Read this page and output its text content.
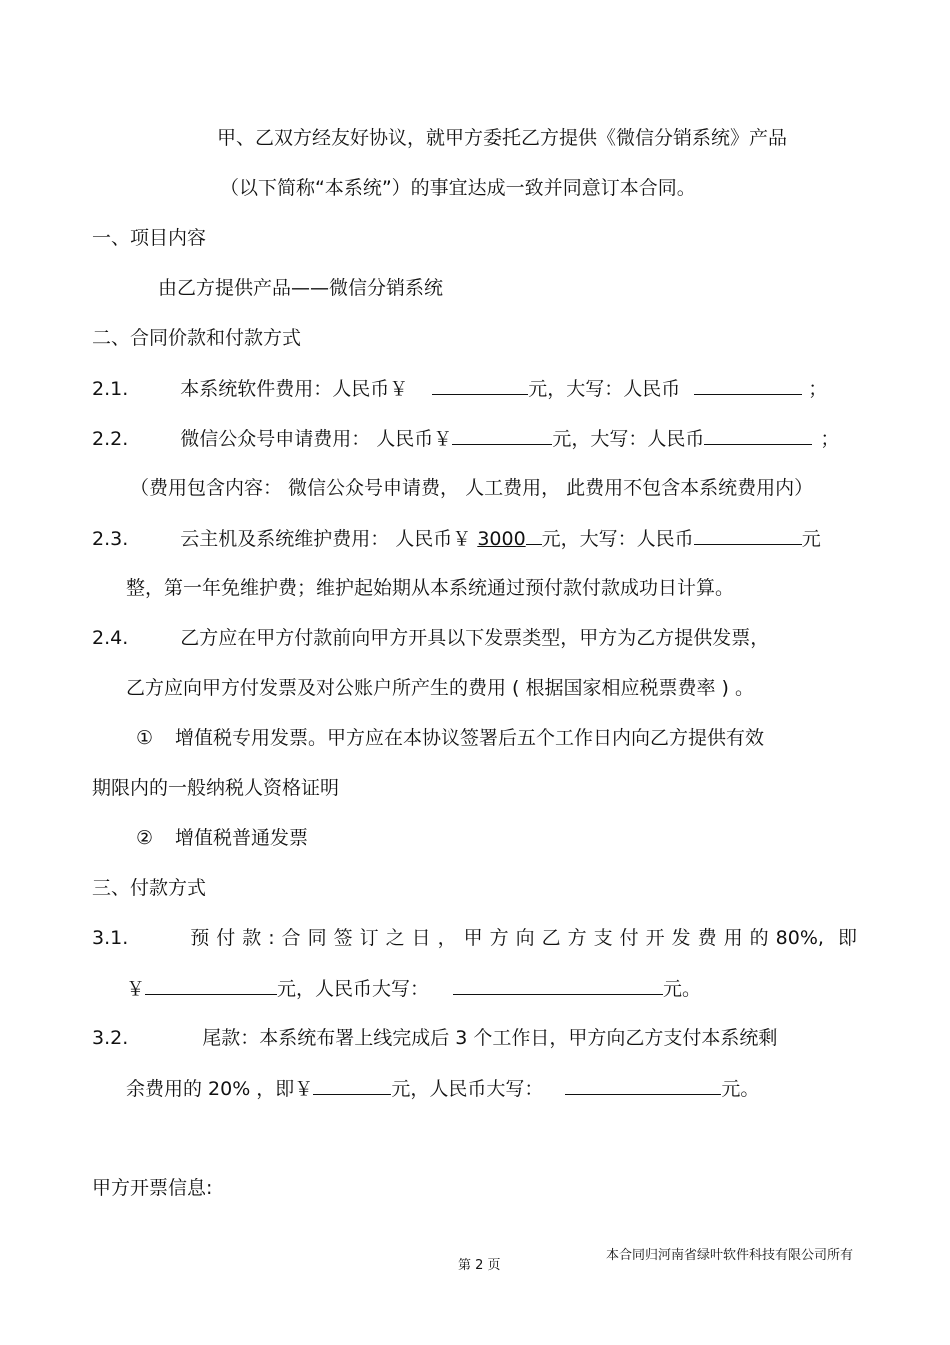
甲、乙双方经友好协议，就甲方委托乙方提供《微信分销系统》产品
（以下简称“本系统”）的事宜达成一致并同意订本合同。
一、项目内容
由乙方提供产品——微信分销系统
二、合同价款和付款方式
2.1.	本系统软件费用：人民币￥	元，大写：人民币	；
2.2.	微信公众号申请费用： 人民币￥	元，大写：人民币	；
（费用包含内容： 微信公众号申请费， 人工费用， 此费用不包含本系统费用内）
2.3.	云主机及系统维护费用： 人民币￥ 3000 元，大写：人民币	元
整，第一年免维护费；维护起始期从本系统通过预付款付款成功日计算。
2.4.	乙方应在甲方付款前向甲方开具以下发票类型，甲方为乙方提供发票，
乙方应向甲方付发票及对公账户所产生的费用 ( 根据国家相应税票费率 ) 。
① 增值税专用发票。甲方应在本协议签署后五个工作日内向乙方提供有效
期限内的一般纳税人资格证明
② 增值税普通发票
三、付款方式
3.1.	预付款:合同签订之日，甲方向乙方支付开发费用的80%, 即
￥	元，人民币大写：	元。
3.2.	尾款：本系统布署上线完成后 3 个工作日，甲方向乙方支付本系统剩
余费用的 20% ，即￥	元，人民币大写：	元。
甲方开票信息:
第 2 页
本合同归河南省绿叶软件科技有限公司所有
